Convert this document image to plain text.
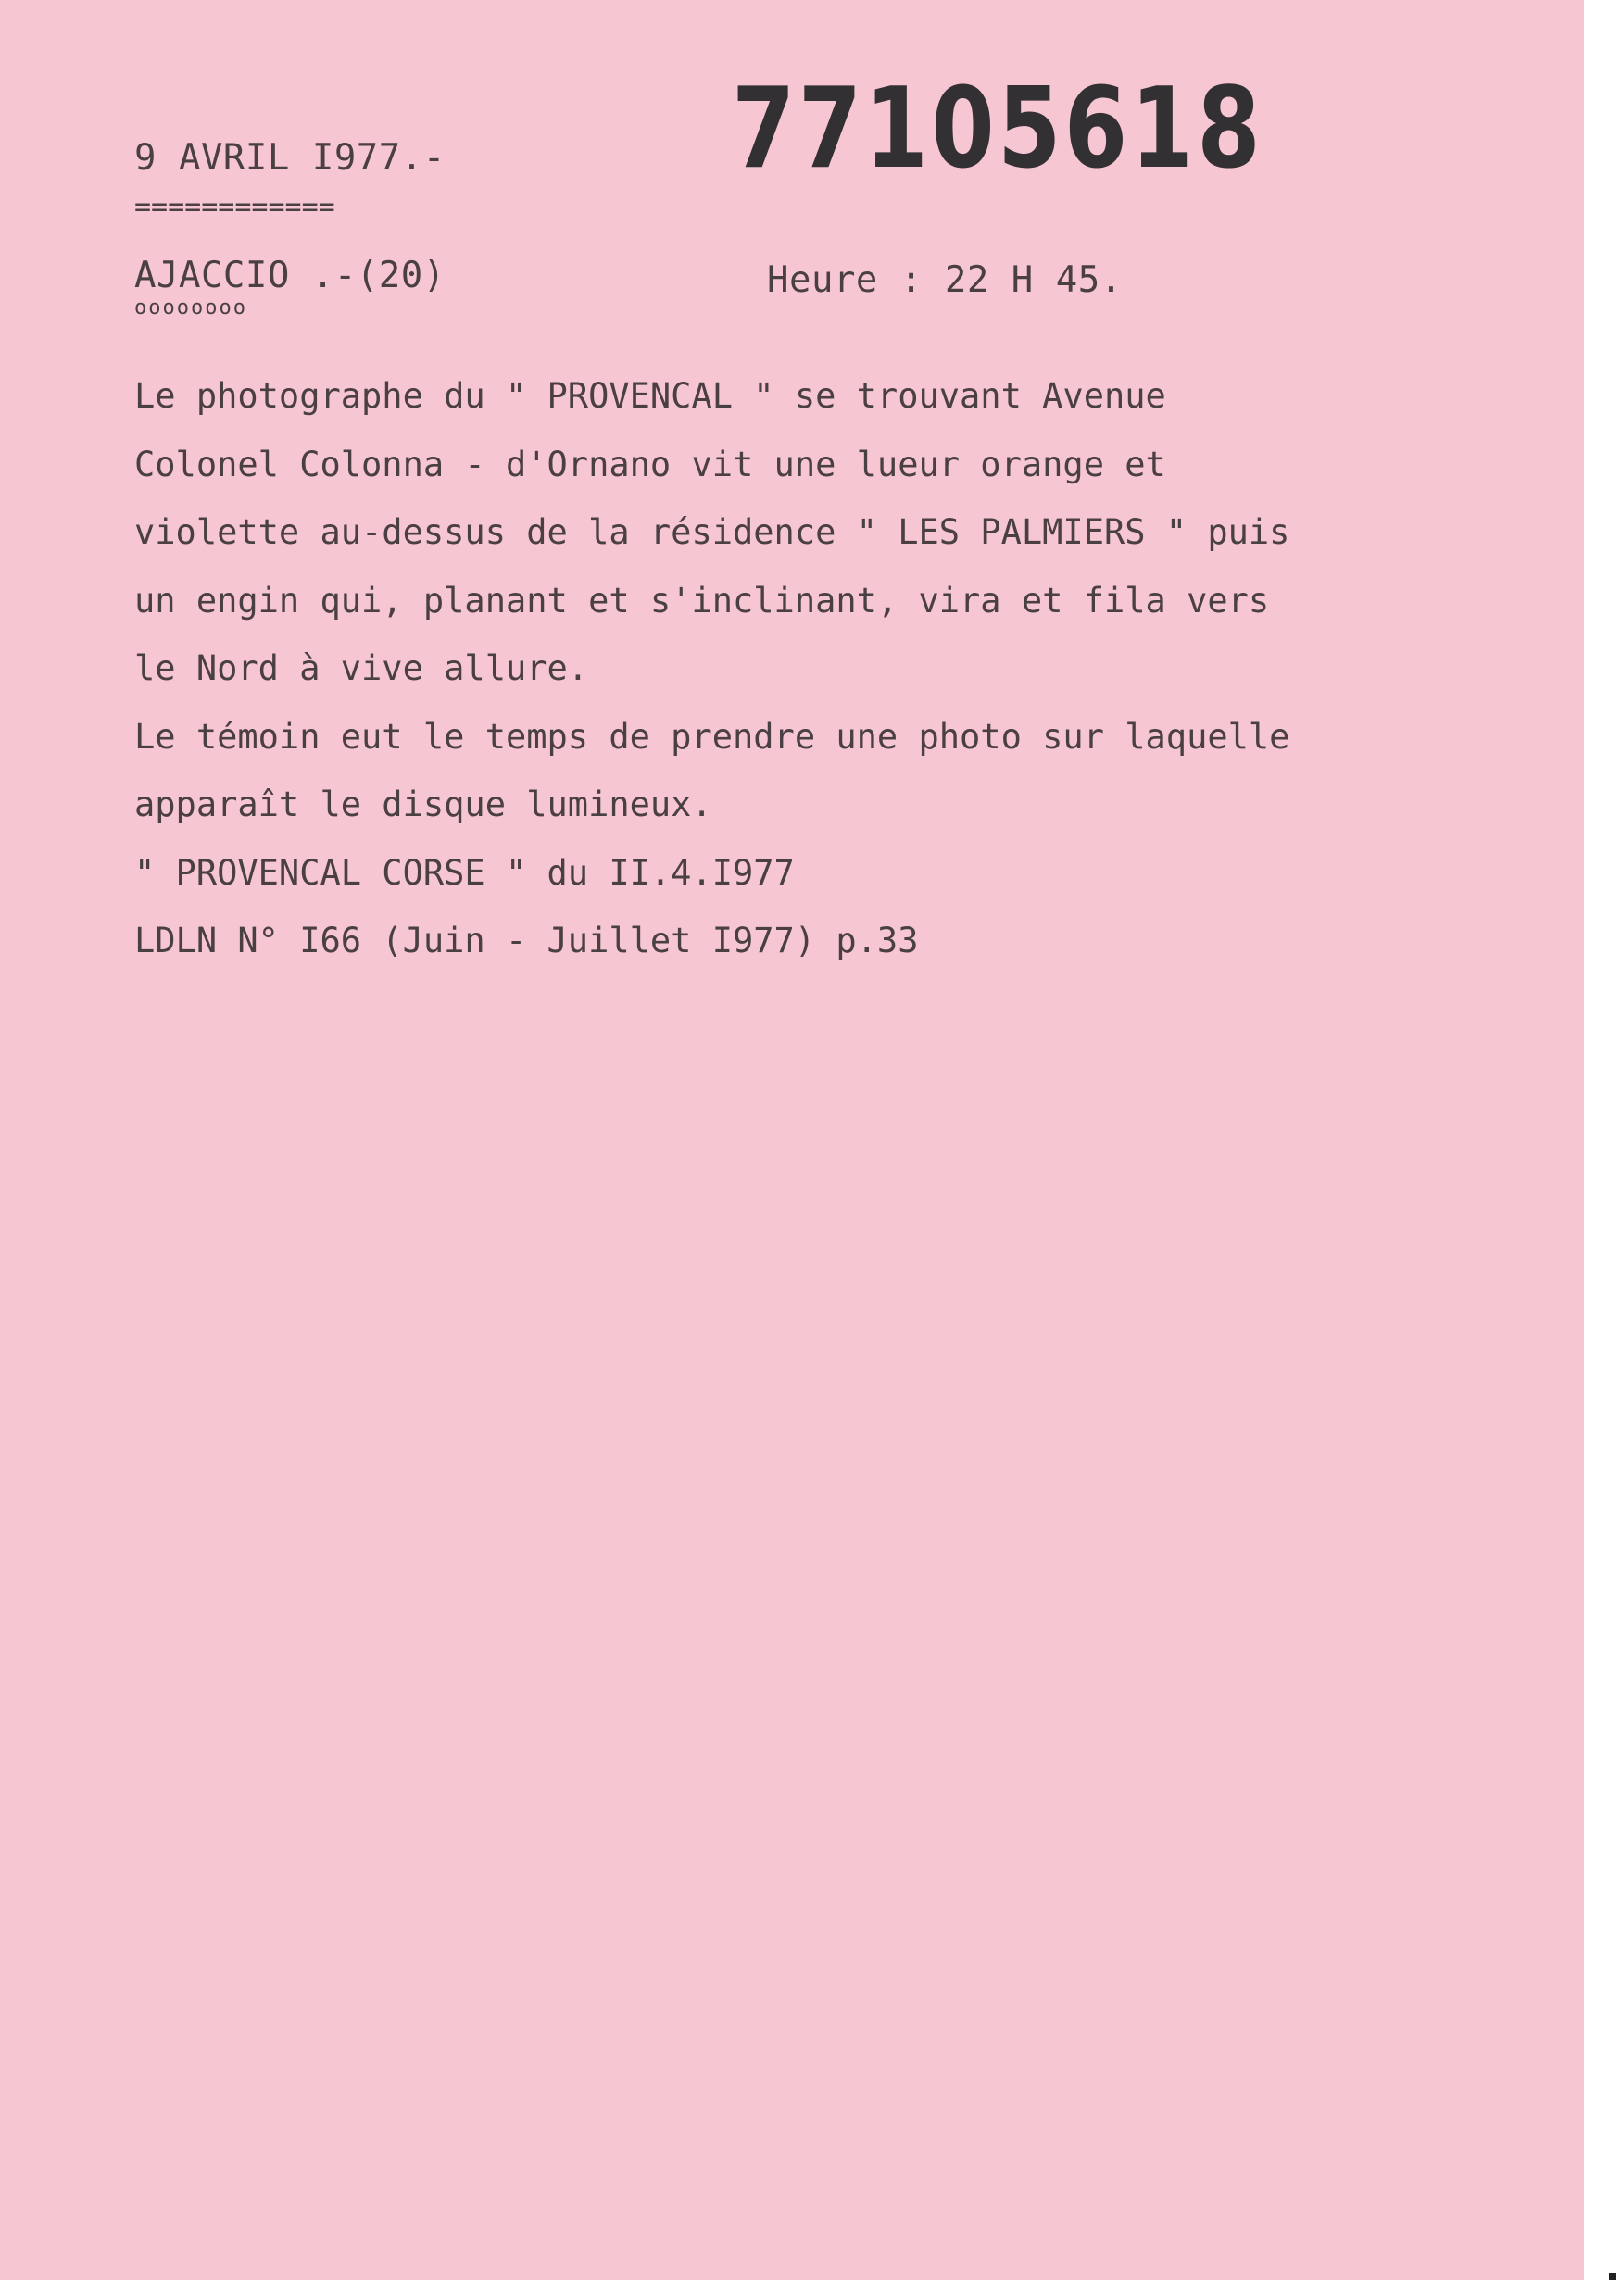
9 AVRIL I977.-
============
77105618
AJACCIO .-(20)
oooooooo
Heure : 22 H 45.
Le photographe du " PROVENCAL " se trouvant Avenue
Colonel Colonna - d'Ornano vit une lueur orange et
violette au-dessus de la résidence " LES PALMIERS " puis
un engin qui, planant et s'inclinant, vira et fila vers
le Nord à vive allure.
Le témoin eut le temps de prendre une photo sur laquelle
apparaît le disque lumineux.
" PROVENCAL CORSE " du II.4.I977
LDLN N° I66 (Juin - Juillet I977) p.33
